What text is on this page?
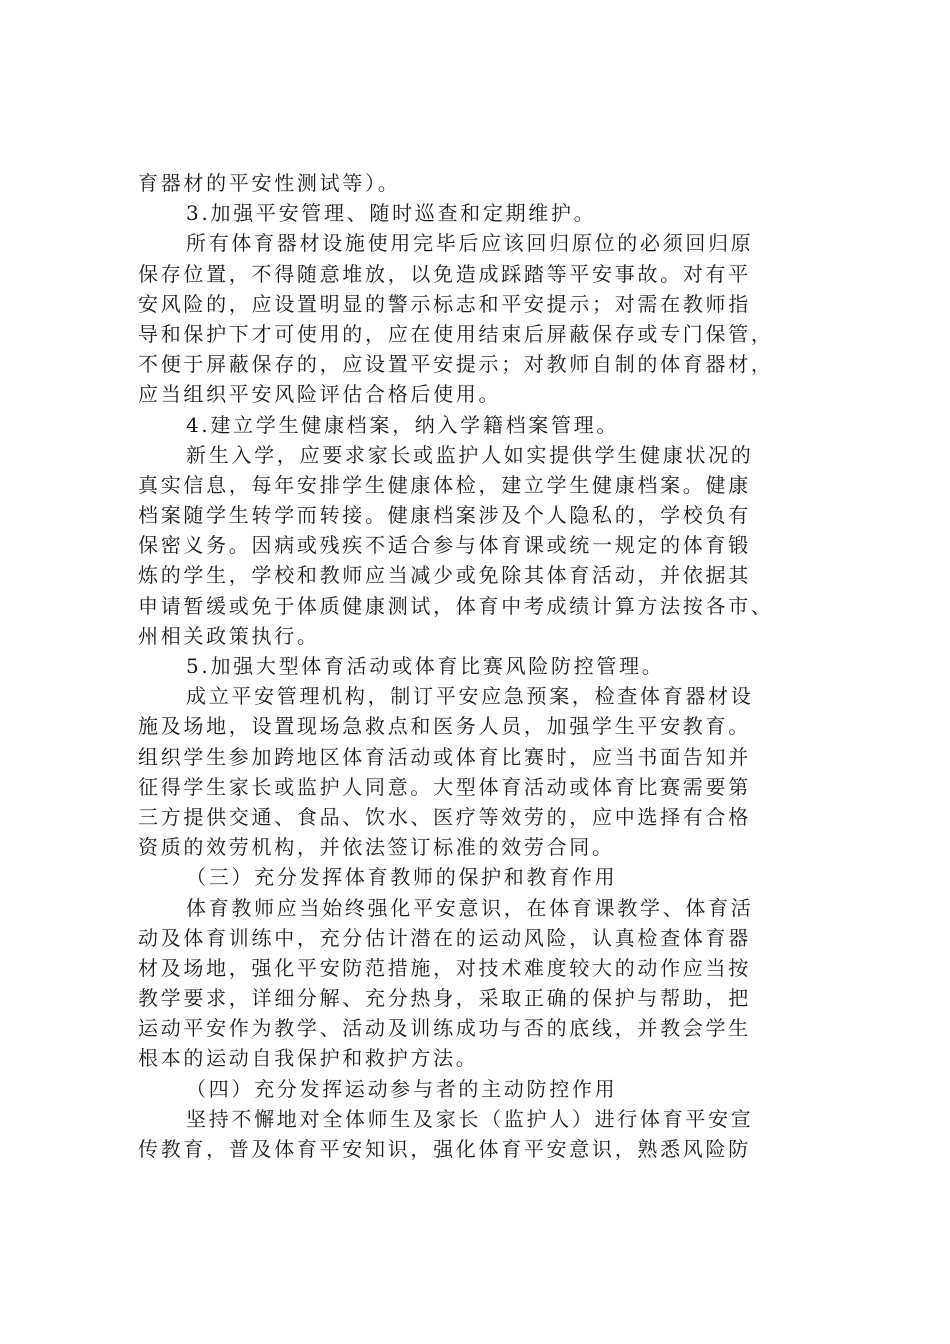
育器材的平安性测试等）。
3.加强平安管理、随时巡查和定期维护。
所有体育器材设施使用完毕后应该回归原位的必须回归原
保存位置，不得随意堆放，以免造成踩踏等平安事故。对有平
安风险的，应设置明显的警示标志和平安提示；对需在教师指
导和保护下才可使用的，应在使用结束后屏蔽保存或专门保管，
不便于屏蔽保存的，应设置平安提示；对教师自制的体育器材，
应当组织平安风险评估合格后使用。
4.建立学生健康档案，纳入学籍档案管理。
新生入学，应要求家长或监护人如实提供学生健康状况的
真实信息，每年安排学生健康体检，建立学生健康档案。健康
档案随学生转学而转接。健康档案涉及个人隐私的，学校负有
保密义务。因病或残疾不适合参与体育课或统一规定的体育锻
炼的学生，学校和教师应当减少或免除其体育活动，并依据其
申请暂缓或免于体质健康测试，体育中考成绩计算方法按各市、
州相关政策执行。
5.加强大型体育活动或体育比赛风险防控管理。
成立平安管理机构，制订平安应急预案，检查体育器材设
施及场地，设置现场急救点和医务人员，加强学生平安教育。
组织学生参加跨地区体育活动或体育比赛时，应当书面告知并
征得学生家长或监护人同意。大型体育活动或体育比赛需要第
三方提供交通、食品、饮水、医疗等效劳的，应中选择有合格
资质的效劳机构，并依法签订标准的效劳合同。
（三）充分发挥体育教师的保护和教育作用
体育教师应当始终强化平安意识，在体育课教学、体育活
动及体育训练中，充分估计潜在的运动风险，认真检查体育器
材及场地，强化平安防范措施，对技术难度较大的动作应当按
教学要求，详细分解、充分热身，采取正确的保护与帮助，把
运动平安作为教学、活动及训练成功与否的底线，并教会学生
根本的运动自我保护和救护方法。
（四）充分发挥运动参与者的主动防控作用
坚持不懈地对全体师生及家长（监护人）进行体育平安宣
传教育，普及体育平安知识，强化体育平安意识，熟悉风险防
